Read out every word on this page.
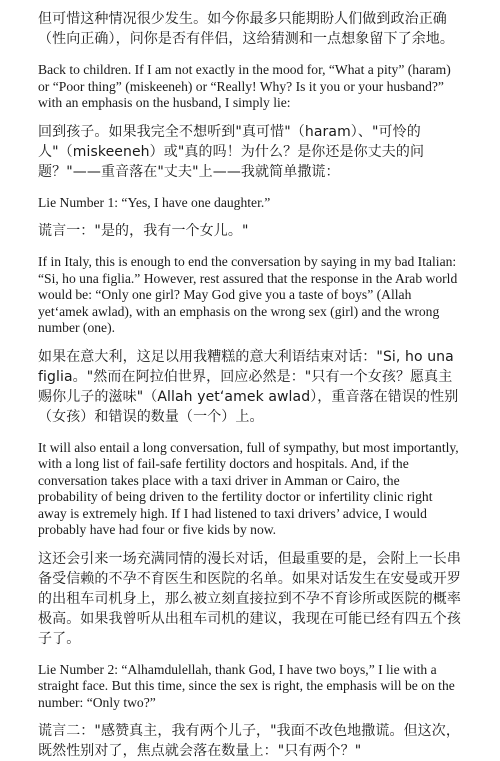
但可惜这种情况很少发生。如今你最多只能期盼人们做到政治正确（性向正确），问你是否有伴侣，这给猜测和一点想象留下了余地。

Back to children. If I am not exactly in the mood for, “What a pity” (haram) or “Poor thing” (miskeeneh) or “Really! Why? Is it you or your husband?” with an emphasis on the husband, I simply lie:

回到孩子。如果我完全不想听到"真可惜"（haram）、"可怜的人"（miskeeneh）或"真的吗！为什么？是你还是你丈夫的问题？"——重音落在"丈夫"上——我就简单撒谎：

Lie Number 1: “Yes, I have one daughter.”

谎言一："是的，我有一个女儿。"

If in Italy, this is enough to end the conversation by saying in my bad Italian: “Si, ho una figlia.” However, rest assured that the response in the Arab world would be: “Only one girl? May God give you a taste of boys” (Allah yet‘amek awlad), with an emphasis on the wrong sex (girl) and the wrong number (one).

如果在意大利，这足以用我糟糕的意大利语结束对话："Si, ho una figlia。"然而在阿拉伯世界，回应必然是："只有一个女孩？愿真主赐你儿子的滋味"（Allah yet‘amek awlad），重音落在错误的性别（女孩）和错误的数量（一个）上。

It will also entail a long conversation, full of sympathy, but most importantly, with a long list of fail-safe fertility doctors and hospitals. And, if the conversation takes place with a taxi driver in Amman or Cairo, the probability of being driven to the fertility doctor or infertility clinic right away is extremely high. If I had listened to taxi drivers’ advice, I would probably have had four or five kids by now.

这还会引来一场充满同情的漫长对话，但最重要的是，会附上一长串备受信赖的不孕不育医生和医院的名单。如果对话发生在安曼或开罗的出租车司机身上，那么被立刻直接拉到不孕不育诊所或医院的概率极高。如果我曾听从出租车司机的建议，我现在可能已经有四五个孩子了。

Lie Number 2: “Alhamdulellah, thank God, I have two boys,” I lie with a straight face. But this time, since the sex is right, the emphasis will be on the number: “Only two?”

谎言二："感赞真主，我有两个儿子，"我面不改色地撒谎。但这次，既然性别对了，焦点就会落在数量上："只有两个？"
